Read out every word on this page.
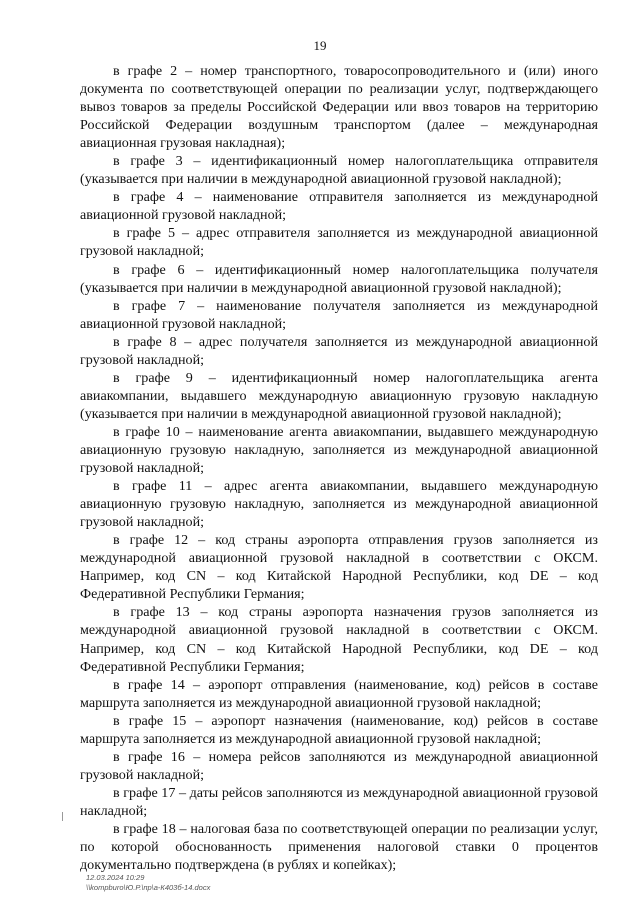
19

в графе 2 – номер транспортного, товаросопроводительного и (или) иного документа по соответствующей операции по реализации услуг, подтверждающего вывоз товаров за пределы Российской Федерации или ввоз товаров на территорию Российской Федерации воздушным транспортом (далее – международная авиационная грузовая накладная);

в графе 3 – идентификационный номер налогоплательщика отправителя (указывается при наличии в международной авиационной грузовой накладной);

в графе 4 – наименование отправителя заполняется из международной авиационной грузовой накладной;

в графе 5 – адрес отправителя заполняется из международной авиационной грузовой накладной;

в графе 6 – идентификационный номер налогоплательщика получателя (указывается при наличии в международной авиационной грузовой накладной);

в графе 7 – наименование получателя заполняется из международной авиационной грузовой накладной;

в графе 8 – адрес получателя заполняется из международной авиационной грузовой накладной;

в графе 9 – идентификационный номер налогоплательщика агента авиакомпании, выдавшего международную авиационную грузовую накладную (указывается при наличии в международной авиационной грузовой накладной);

в графе 10 – наименование агента авиакомпании, выдавшего международную авиационную грузовую накладную, заполняется из международной авиационной грузовой накладной;

в графе 11 – адрес агента авиакомпании, выдавшего международную авиационную грузовую накладную, заполняется из международной авиационной грузовой накладной;

в графе 12 – код страны аэропорта отправления грузов заполняется из международной авиационной грузовой накладной в соответствии с ОКСМ. Например, код CN – код Китайской Народной Республики, код DE – код Федеративной Республики Германия;

в графе 13 – код страны аэропорта назначения грузов заполняется из международной авиационной грузовой накладной в соответствии с ОКСМ. Например, код CN – код Китайской Народной Республики, код DE – код Федеративной Республики Германия;

в графе 14 – аэропорт отправления (наименование, код) рейсов в составе маршрута заполняется из международной авиационной грузовой накладной;

в графе 15 – аэропорт назначения (наименование, код) рейсов в составе маршрута заполняется из международной авиационной грузовой накладной;

в графе 16 – номера рейсов заполняются из международной авиационной грузовой накладной;

в графе 17 – даты рейсов заполняются из международной авиационной грузовой накладной;

в графе 18 – налоговая база по соответствующей операции по реализации услуг, по которой обоснованность применения налоговой ставки 0 процентов документально подтверждена (в рублях и копейках);

12.03.2024 10:29
\\kompburo\Ю.Р.\пр\а-К403б-14.docx
